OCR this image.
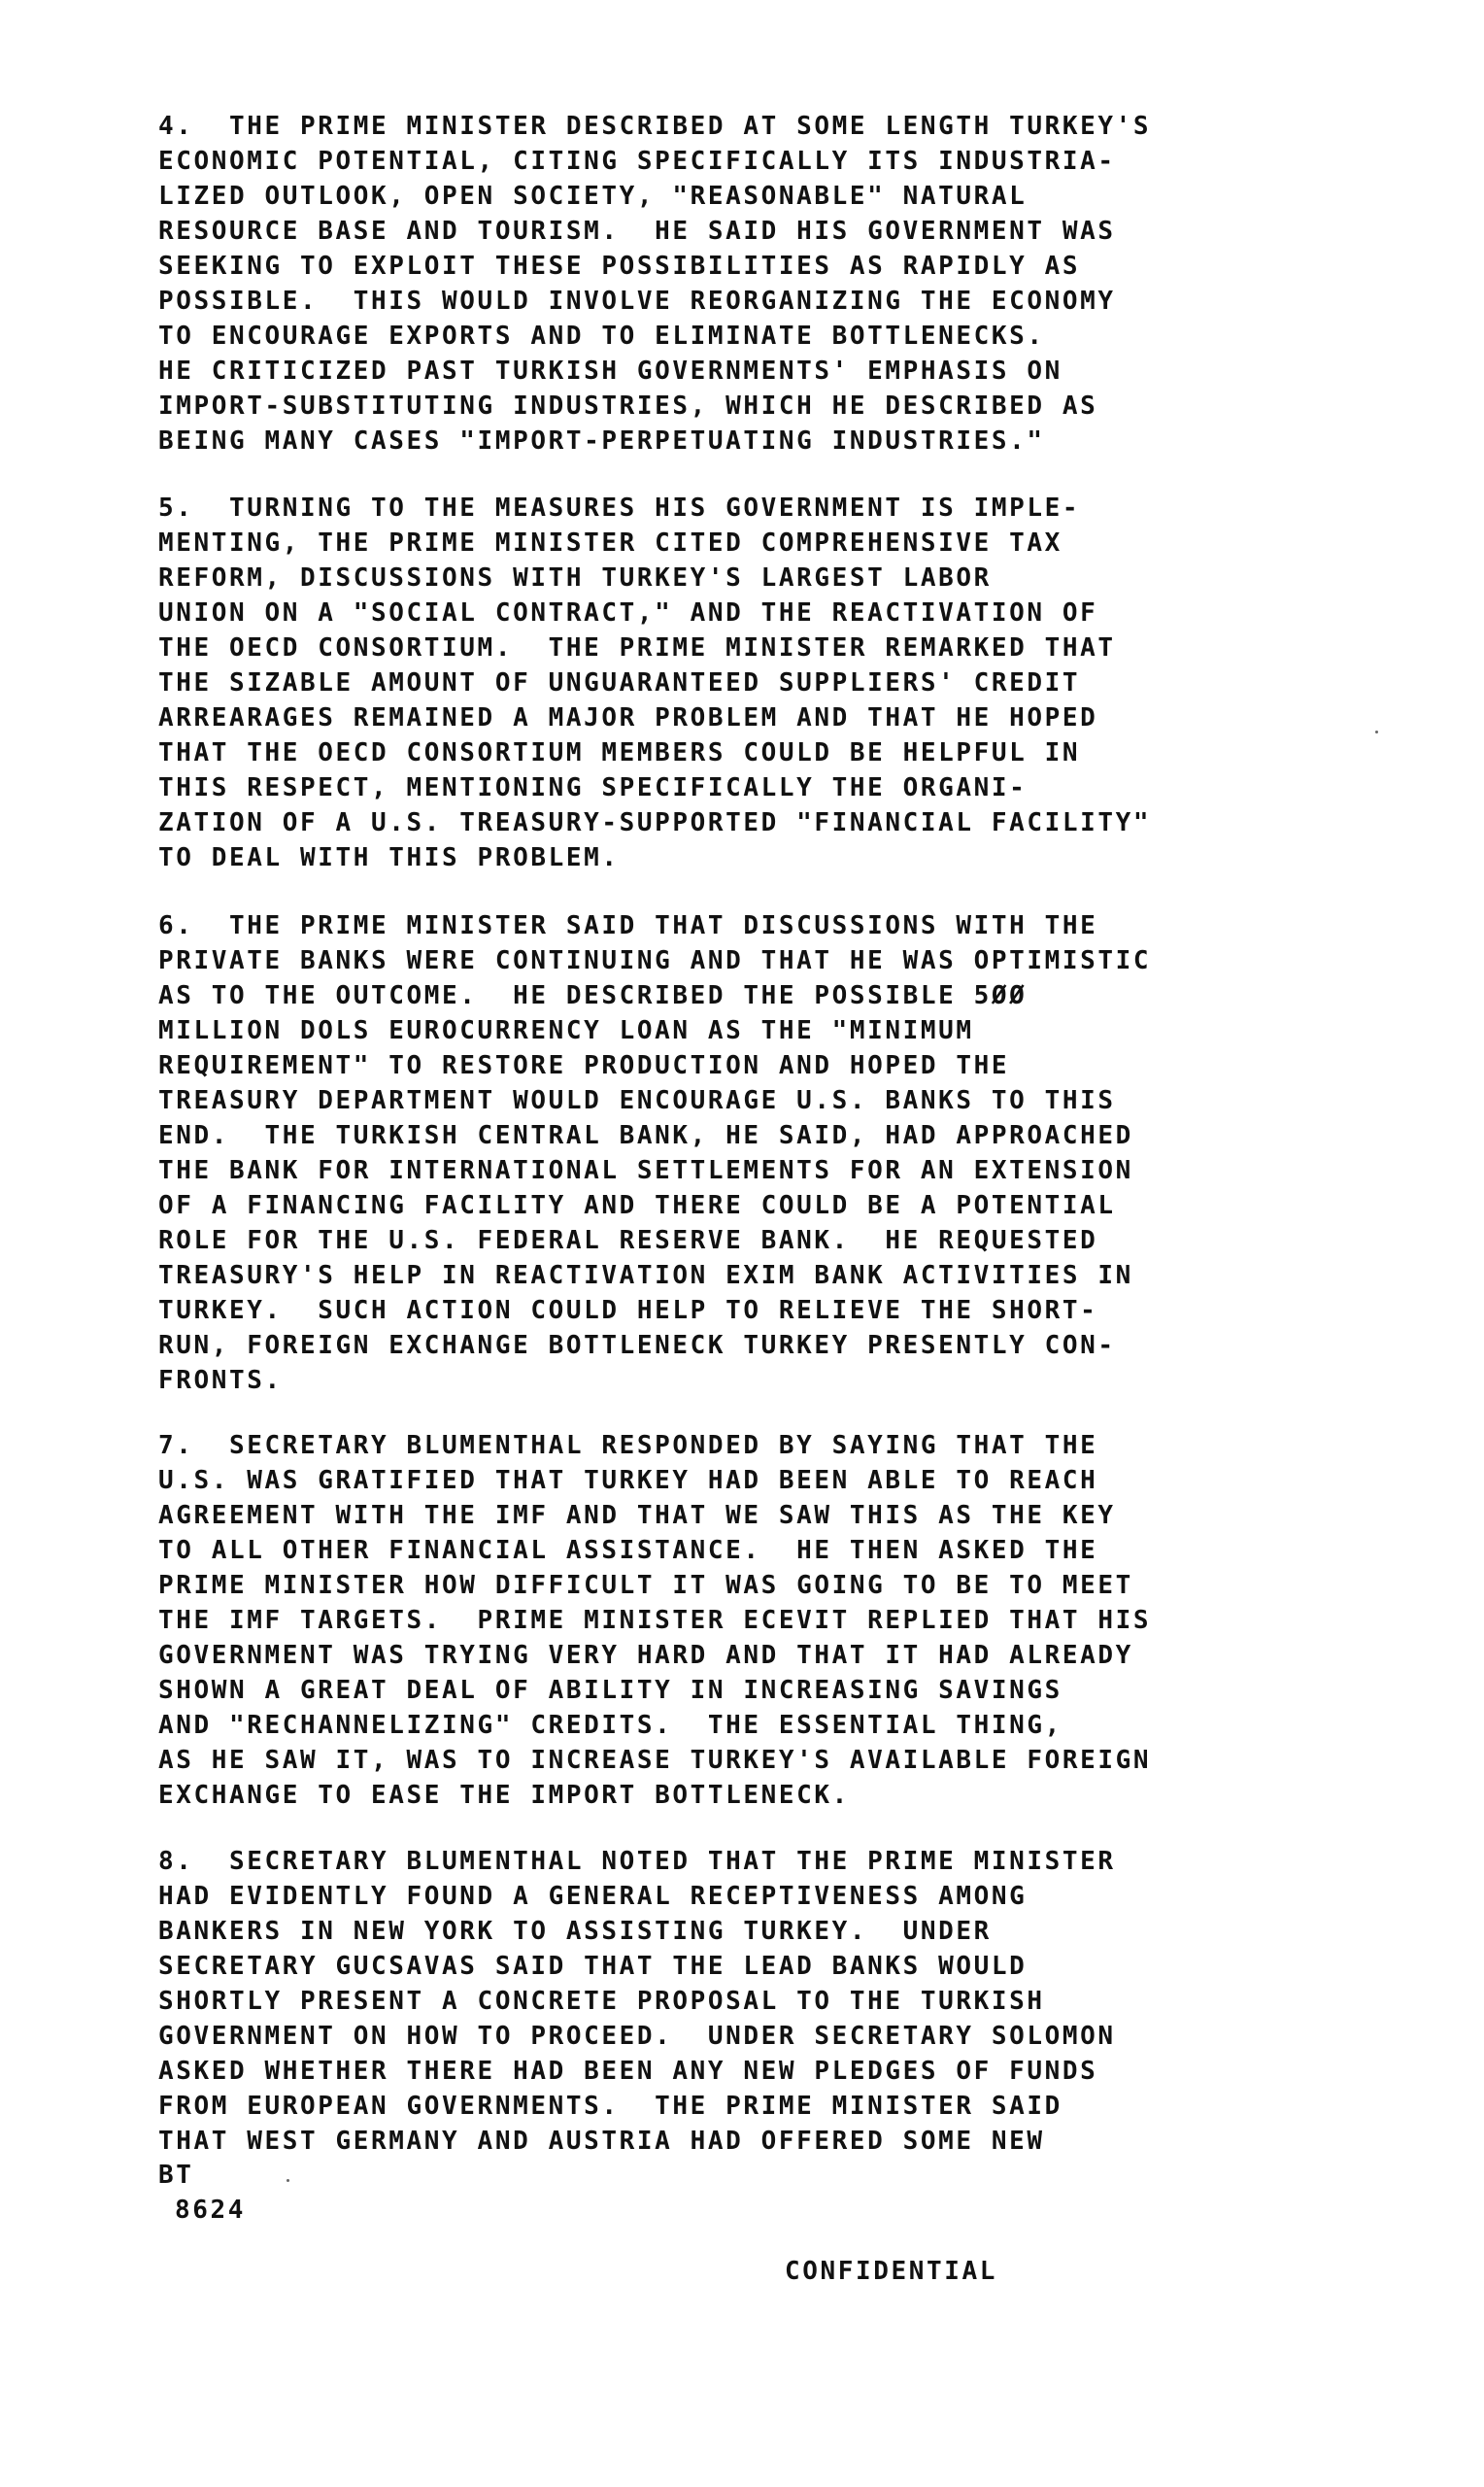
4.  THE PRIME MINISTER DESCRIBED AT SOME LENGTH TURKEY'S
ECONOMIC POTENTIAL, CITING SPECIFICALLY ITS INDUSTRIA-
LIZED OUTLOOK, OPEN SOCIETY, "REASONABLE" NATURAL
RESOURCE BASE AND TOURISM.  HE SAID HIS GOVERNMENT WAS
SEEKING TO EXPLOIT THESE POSSIBILITIES AS RAPIDLY AS
POSSIBLE.  THIS WOULD INVOLVE REORGANIZING THE ECONOMY
TO ENCOURAGE EXPORTS AND TO ELIMINATE BOTTLENECKS.
HE CRITICIZED PAST TURKISH GOVERNMENTS' EMPHASIS ON
IMPORT-SUBSTITUTING INDUSTRIES, WHICH HE DESCRIBED AS
BEING MANY CASES "IMPORT-PERPETUATING INDUSTRIES."

5.  TURNING TO THE MEASURES HIS GOVERNMENT IS IMPLE-
MENTING, THE PRIME MINISTER CITED COMPREHENSIVE TAX
REFORM, DISCUSSIONS WITH TURKEY'S LARGEST LABOR
UNION ON A "SOCIAL CONTRACT," AND THE REACTIVATION OF
THE OECD CONSORTIUM.  THE PRIME MINISTER REMARKED THAT
THE SIZABLE AMOUNT OF UNGUARANTEED SUPPLIERS' CREDIT
ARREARAGES REMAINED A MAJOR PROBLEM AND THAT HE HOPED
THAT THE OECD CONSORTIUM MEMBERS COULD BE HELPFUL IN
THIS RESPECT, MENTIONING SPECIFICALLY THE ORGANI-
ZATION OF A U.S. TREASURY-SUPPORTED "FINANCIAL FACILITY"
TO DEAL WITH THIS PROBLEM.

6.  THE PRIME MINISTER SAID THAT DISCUSSIONS WITH THE
PRIVATE BANKS WERE CONTINUING AND THAT HE WAS OPTIMISTIC
AS TO THE OUTCOME.  HE DESCRIBED THE POSSIBLE 5ØØ
MILLION DOLS EUROCURRENCY LOAN AS THE "MINIMUM
REQUIREMENT" TO RESTORE PRODUCTION AND HOPED THE
TREASURY DEPARTMENT WOULD ENCOURAGE U.S. BANKS TO THIS
END.  THE TURKISH CENTRAL BANK, HE SAID, HAD APPROACHED
THE BANK FOR INTERNATIONAL SETTLEMENTS FOR AN EXTENSION
OF A FINANCING FACILITY AND THERE COULD BE A POTENTIAL
ROLE FOR THE U.S. FEDERAL RESERVE BANK.  HE REQUESTED
TREASURY'S HELP IN REACTIVATION EXIM BANK ACTIVITIES IN
TURKEY.  SUCH ACTION COULD HELP TO RELIEVE THE SHORT-
RUN, FOREIGN EXCHANGE BOTTLENECK TURKEY PRESENTLY CON-
FRONTS.

7.  SECRETARY BLUMENTHAL RESPONDED BY SAYING THAT THE
U.S. WAS GRATIFIED THAT TURKEY HAD BEEN ABLE TO REACH
AGREEMENT WITH THE IMF AND THAT WE SAW THIS AS THE KEY
TO ALL OTHER FINANCIAL ASSISTANCE.  HE THEN ASKED THE
PRIME MINISTER HOW DIFFICULT IT WAS GOING TO BE TO MEET
THE IMF TARGETS.  PRIME MINISTER ECEVIT REPLIED THAT HIS
GOVERNMENT WAS TRYING VERY HARD AND THAT IT HAD ALREADY
SHOWN A GREAT DEAL OF ABILITY IN INCREASING SAVINGS
AND "RECHANNELIZING" CREDITS.  THE ESSENTIAL THING,
AS HE SAW IT, WAS TO INCREASE TURKEY'S AVAILABLE FOREIGN
EXCHANGE TO EASE THE IMPORT BOTTLENECK.

8.  SECRETARY BLUMENTHAL NOTED THAT THE PRIME MINISTER
HAD EVIDENTLY FOUND A GENERAL RECEPTIVENESS AMONG
BANKERS IN NEW YORK TO ASSISTING TURKEY.  UNDER
SECRETARY GUCSAVAS SAID THAT THE LEAD BANKS WOULD
SHORTLY PRESENT A CONCRETE PROPOSAL TO THE TURKISH
GOVERNMENT ON HOW TO PROCEED.  UNDER SECRETARY SOLOMON
ASKED WHETHER THERE HAD BEEN ANY NEW PLEDGES OF FUNDS
FROM EUROPEAN GOVERNMENTS.  THE PRIME MINISTER SAID
THAT WEST GERMANY AND AUSTRIA HAD OFFERED SOME NEW

BT

8624

CONFIDENTIAL
